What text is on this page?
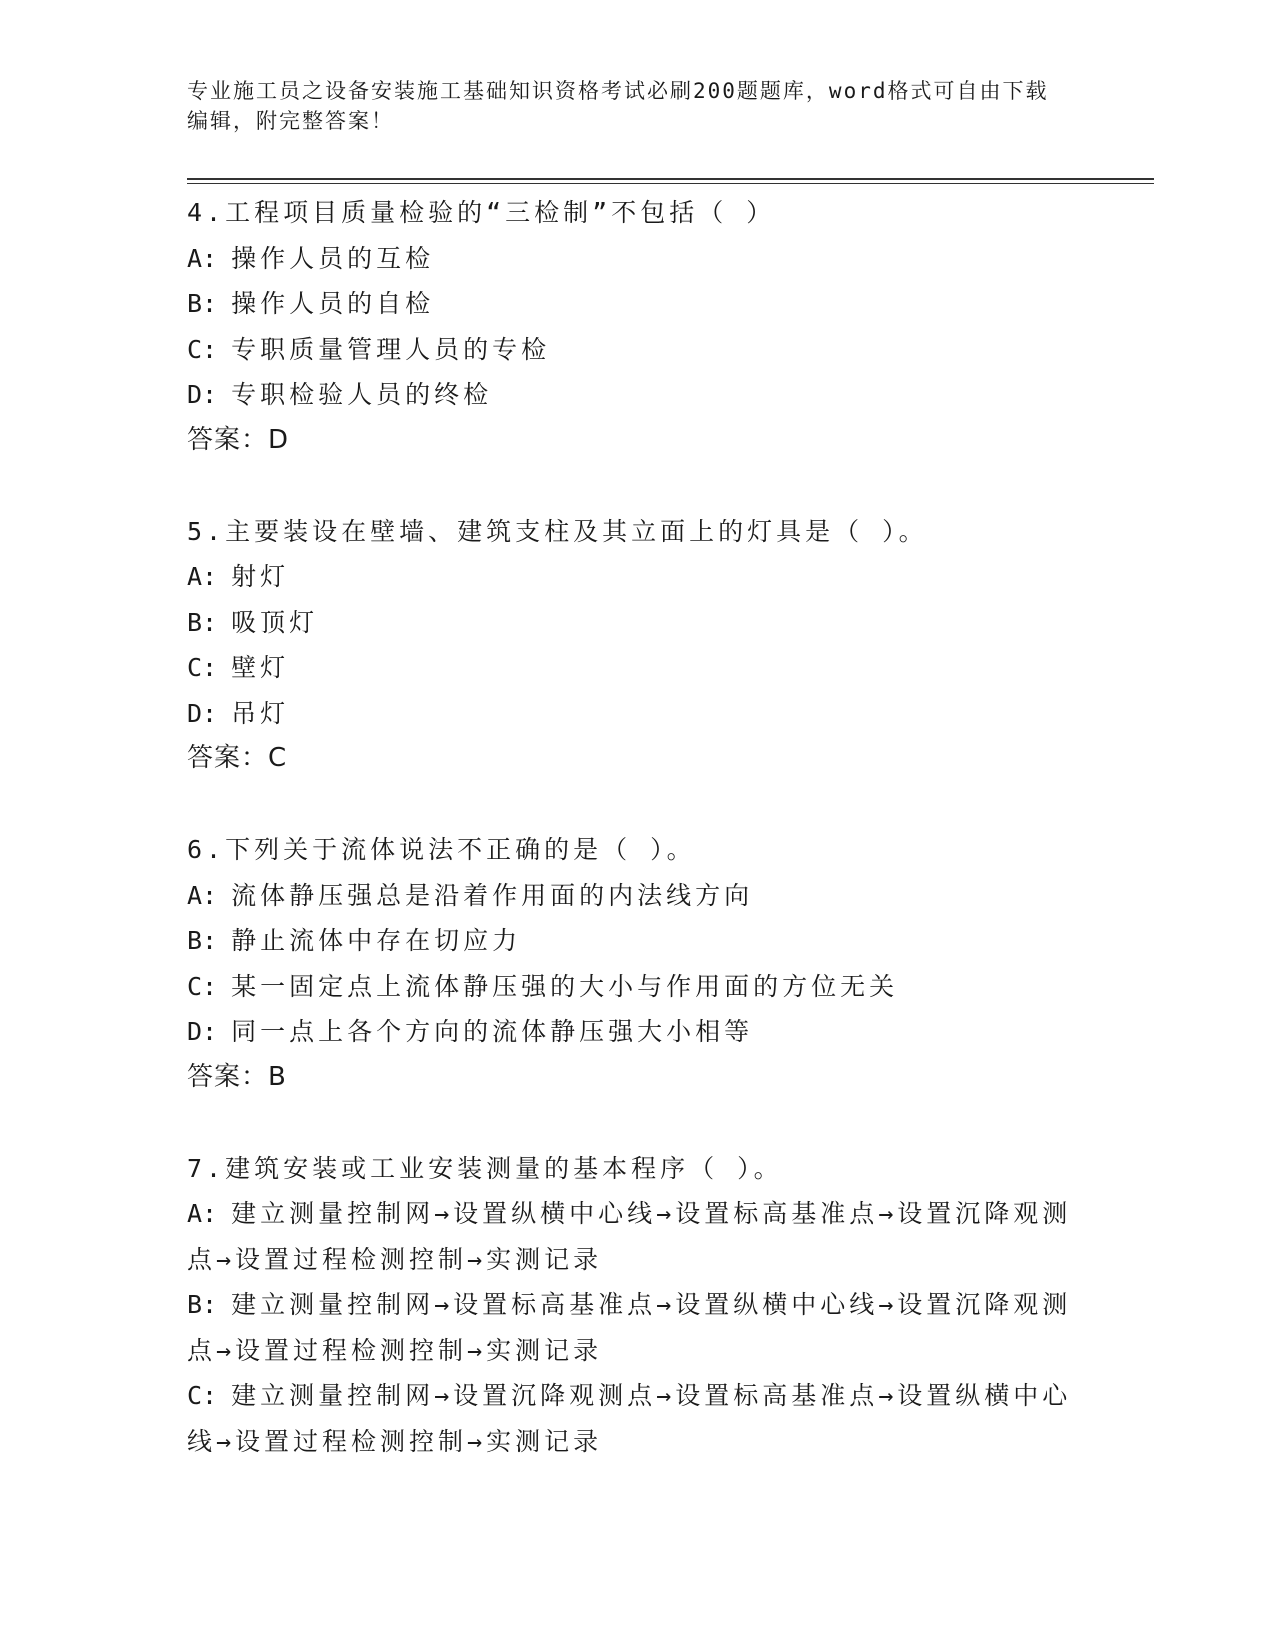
专业施工员之设备安装施工基础知识资格考试必刷200题题库，word格式可自由下载编辑，附完整答案！

4.工程项目质量检验的“三检制”不包括（ ）

A: 操作人员的互检

B: 操作人员的自检

C: 专职质量管理人员的专检

D: 专职检验人员的终检

答案：D

5.主要装设在壁墙、建筑支柱及其立面上的灯具是（ ）。

A: 射灯

B: 吸顶灯

C: 壁灯

D: 吊灯

答案：C

6.下列关于流体说法不正确的是（ ）。

A: 流体静压强总是沿着作用面的内法线方向

B: 静止流体中存在切应力

C: 某一固定点上流体静压强的大小与作用面的方位无关

D: 同一点上各个方向的流体静压强大小相等

答案：B

7.建筑安装或工业安装测量的基本程序（ ）。

A: 建立测量控制网→设置纵横中心线→设置标高基准点→设置沉降观测点→设置过程检测控制→实测记录

B: 建立测量控制网→设置标高基准点→设置纵横中心线→设置沉降观测点→设置过程检测控制→实测记录

C: 建立测量控制网→设置沉降观测点→设置标高基准点→设置纵横中心线→设置过程检测控制→实测记录
